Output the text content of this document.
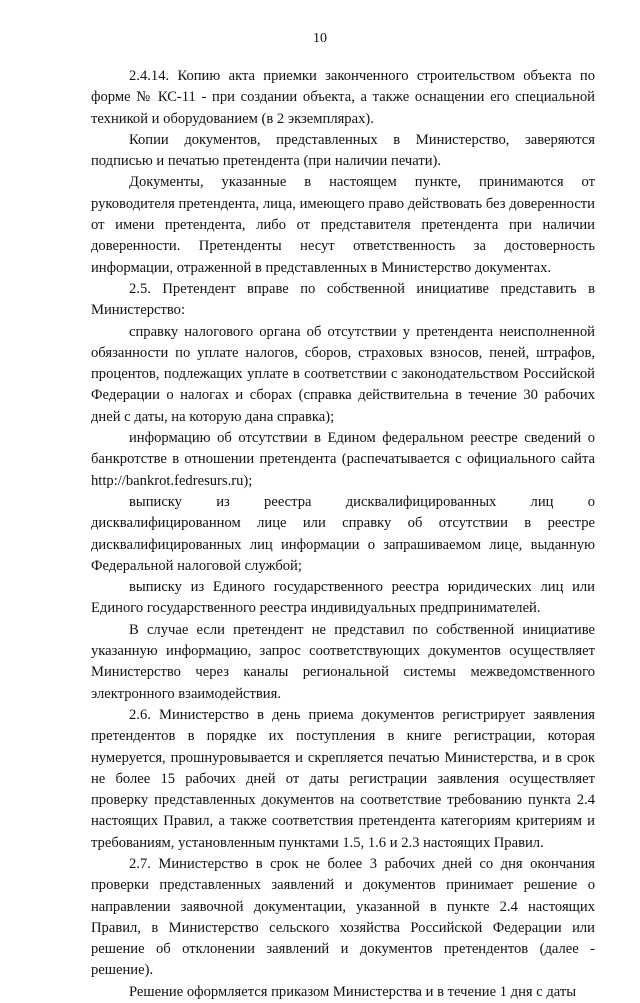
10

2.4.14. Копию акта приемки законченного строительством объекта по форме № КС-11 - при создании объекта, а также оснащении его специальной техникой и оборудованием (в 2 экземплярах).

Копии документов, представленных в Министерство, заверяются подписью и печатью претендента (при наличии печати).

Документы, указанные в настоящем пункте, принимаются от руководителя претендента, лица, имеющего право действовать без доверенности от имени претендента, либо от представителя претендента при наличии доверенности. Претенденты несут ответственность за достоверность информации, отраженной в представленных в Министерство документах.

2.5. Претендент вправе по собственной инициативе представить в Министерство:

справку налогового органа об отсутствии у претендента неисполненной обязанности по уплате налогов, сборов, страховых взносов, пеней, штрафов, процентов, подлежащих уплате в соответствии с законодательством Российской Федерации о налогах и сборах (справка действительна в течение 30 рабочих дней с даты, на которую дана справка);

информацию об отсутствии в Едином федеральном реестре сведений о банкротстве в отношении претендента (распечатывается с официального сайта http://bankrot.fedresurs.ru);

выписку из реестра дисквалифицированных лиц о дисквалифицированном лице или справку об отсутствии в реестре дисквалифицированных лиц информации о запрашиваемом лице, выданную Федеральной налоговой службой;

выписку из Единого государственного реестра юридических лиц или Единого государственного реестра индивидуальных предпринимателей.

В случае если претендент не представил по собственной инициативе указанную информацию, запрос соответствующих документов осуществляет Министерство через каналы региональной системы межведомственного электронного взаимодействия.

2.6. Министерство в день приема документов регистрирует заявления претендентов в порядке их поступления в книге регистрации, которая нумеруется, прошнуровывается и скрепляется печатью Министерства, и в срок не более 15 рабочих дней от даты регистрации заявления осуществляет проверку представленных документов на соответствие требованию пункта 2.4 настоящих Правил, а также соответствия претендента категориям критериям и требованиям, установленным пунктами 1.5, 1.6 и 2.3 настоящих Правил.

2.7. Министерство в срок не более 3 рабочих дней со дня окончания проверки представленных заявлений и документов принимает решение о направлении заявочной документации, указанной в пункте 2.4 настоящих Правил, в Министерство сельского хозяйства Российской Федерации или решение об отклонении заявлений и документов претендентов (далее - решение).

Решение оформляется приказом Министерства и в течение 1 дня с даты
